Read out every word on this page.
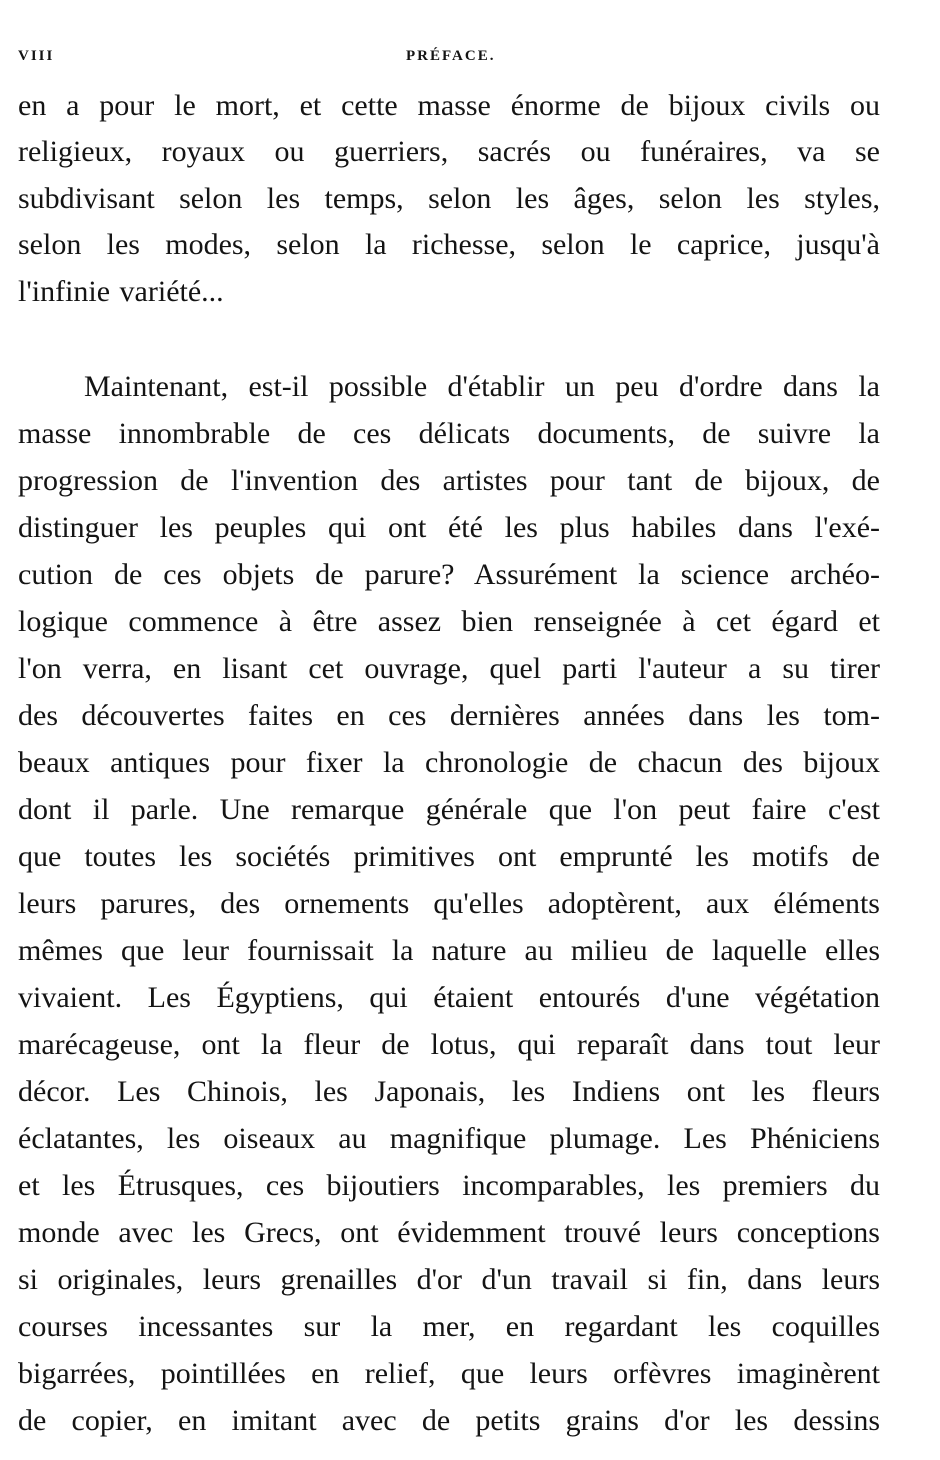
VIII	PRÉFACE.
en a pour le mort, et cette masse énorme de bijoux civils ou
religieux, royaux ou guerriers, sacrés ou funéraires, va se
subdivisant selon les temps, selon les âges, selon les styles,
selon les modes, selon la richesse, selon le caprice, jusqu'à
l'infinie variété...
Maintenant, est-il possible d'établir un peu d'ordre dans la
masse innombrable de ces délicats documents, de suivre la
progression de l'invention des artistes pour tant de bijoux, de
distinguer les peuples qui ont été les plus habiles dans l'exé-
cution de ces objets de parure? Assurément la science archéo-
logique commence à être assez bien renseignée à cet égard et
l'on verra, en lisant cet ouvrage, quel parti l'auteur a su tirer
des découvertes faites en ces dernières années dans les tom-
beaux antiques pour fixer la chronologie de chacun des bijoux
dont il parle. Une remarque générale que l'on peut faire c'est
que toutes les sociétés primitives ont emprunté les motifs de
leurs parures, des ornements qu'elles adoptèrent, aux éléments
mêmes que leur fournissait la nature au milieu de laquelle elles
vivaient. Les Égyptiens, qui étaient entourés d'une végétation
marécageuse, ont la fleur de lotus, qui reparaît dans tout leur
décor. Les Chinois, les Japonais, les Indiens ont les fleurs
éclatantes, les oiseaux au magnifique plumage. Les Phéniciens
et les Étrusques, ces bijoutiers incomparables, les premiers du
monde avec les Grecs, ont évidemment trouvé leurs conceptions
si originales, leurs grenailles d'or d'un travail si fin, dans leurs
courses incessantes sur la mer, en regardant les coquilles
bigarrées, pointillées en relief, que leurs orfèvres imaginèrent
de copier, en imitant avec de petits grains d'or les dessins
